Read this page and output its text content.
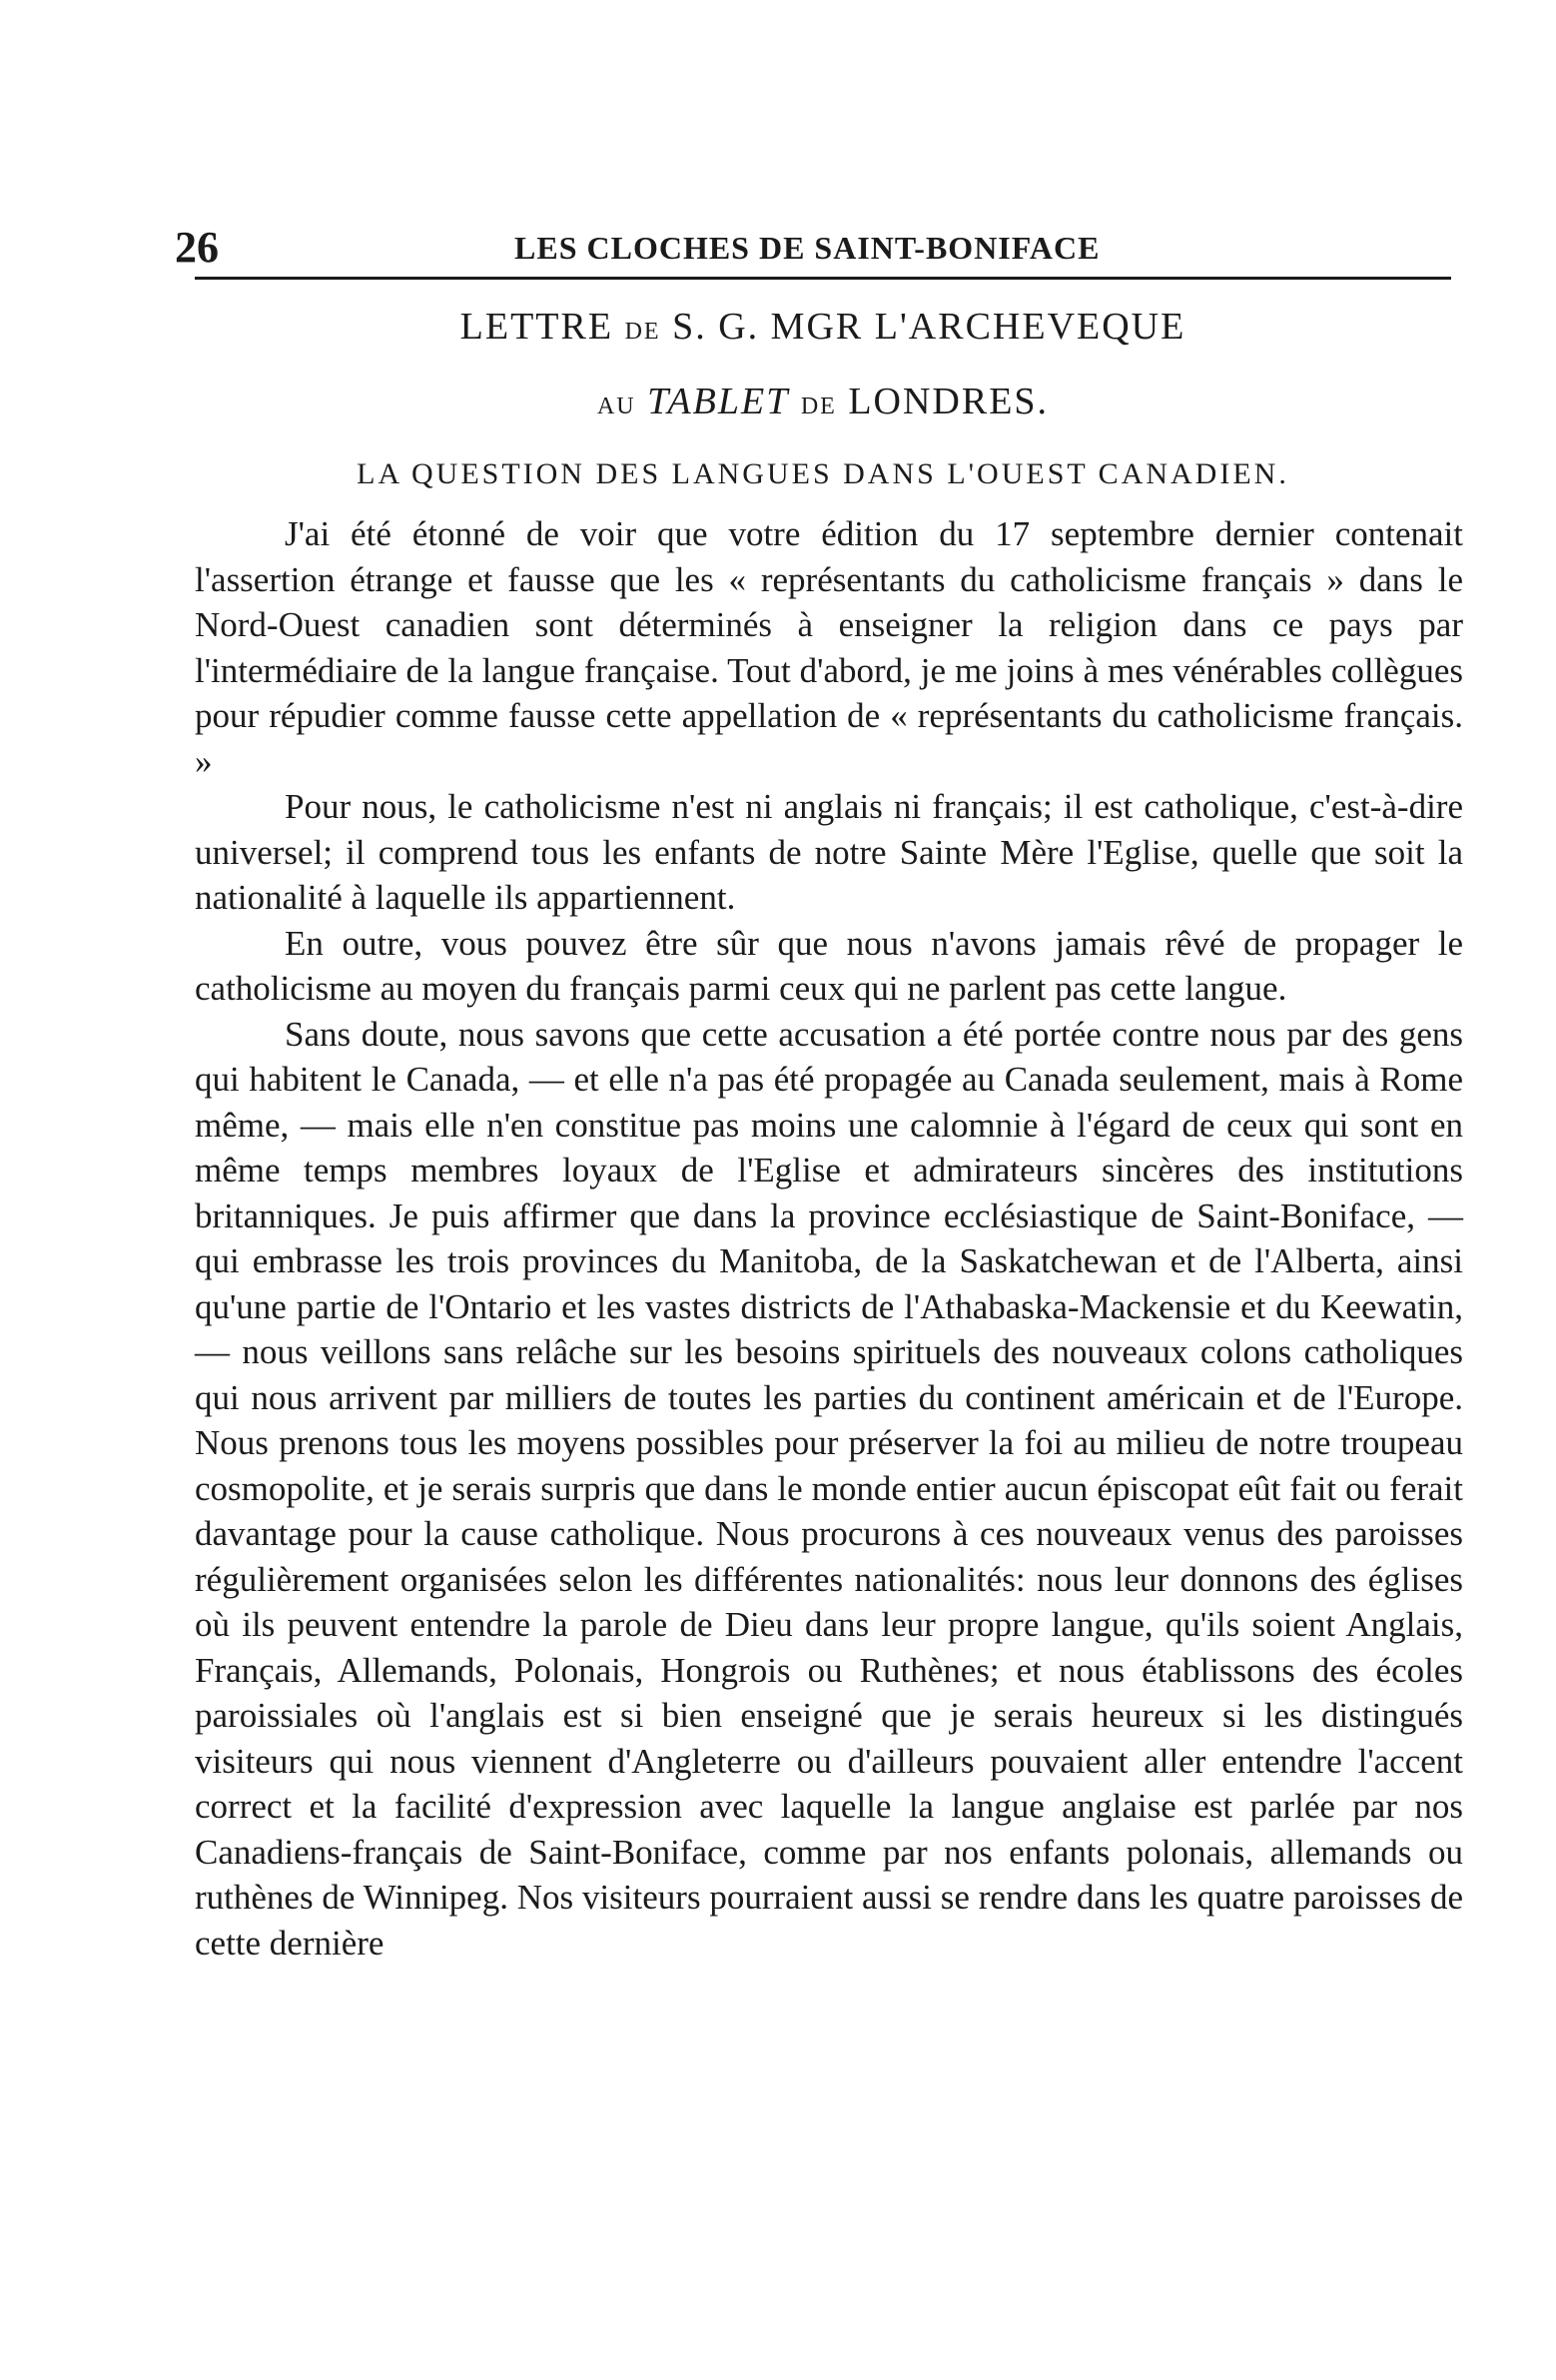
26	LES CLOCHES DE SAINT-BONIFACE
LETTRE DE S. G. MGR L'ARCHEVEQUE
AU TABLET DE LONDRES.
LA QUESTION DES LANGUES DANS L'OUEST CANADIEN.

J'ai été étonné de voir que votre édition du 17 septembre dernier contenait l'assertion étrange et fausse que les « représentants du catholicisme français » dans le Nord-Ouest canadien sont déterminés à enseigner la religion dans ce pays par l'intermédiaire de la langue française. Tout d'abord, je me joins à mes vénérables collègues pour répudier comme fausse cette appellation de « représentants du catholicisme français. »

Pour nous, le catholicisme n'est ni anglais ni français; il est catholique, c'est-à-dire universel; il comprend tous les enfants de notre Sainte Mère l'Eglise, quelle que soit la nationalité à laquelle ils appartiennent.

En outre, vous pouvez être sûr que nous n'avons jamais rêvé de propager le catholicisme au moyen du français parmi ceux qui ne parlent pas cette langue.

Sans doute, nous savons que cette accusation a été portée contre nous par des gens qui habitent le Canada, — et elle n'a pas été propagée au Canada seulement, mais à Rome même, — mais elle n'en constitue pas moins une calomnie à l'égard de ceux qui sont en même temps membres loyaux de l'Eglise et admirateurs sincères des institutions britanniques. Je puis affirmer que dans la province ecclésiastique de Saint-Boniface, — qui embrasse les trois provinces du Manitoba, de la Saskatchewan et de l'Alberta, ainsi qu'une partie de l'Ontario et les vastes districts de l'Athabaska-Mackensie et du Keewatin, — nous veillons sans relâche sur les besoins spirituels des nouveaux colons catholiques qui nous arrivent par milliers de toutes les parties du continent américain et de l'Europe. Nous prenons tous les moyens possibles pour préserver la foi au milieu de notre troupeau cosmopolite, et je serais surpris que dans le monde entier aucun épiscopat eût fait ou ferait davantage pour la cause catholique. Nous procurons à ces nouveaux venus des paroisses régulièrement organisées selon les différentes nationalités: nous leur donnons des églises où ils peuvent entendre la parole de Dieu dans leur propre langue, qu'ils soient Anglais, Français, Allemands, Polonais, Hongrois ou Ruthènes; et nous établissons des écoles paroissiales où l'anglais est si bien enseigné que je serais heureux si les distingués visiteurs qui nous viennent d'Angleterre ou d'ailleurs pouvaient aller entendre l'accent correct et la facilité d'expression avec laquelle la langue anglaise est parlée par nos Canadiens-français de Saint-Boniface, comme par nos enfants polonais, allemands ou ruthènes de Winnipeg. Nos visiteurs pourraient aussi se rendre dans les quatre paroisses de cette dernière
